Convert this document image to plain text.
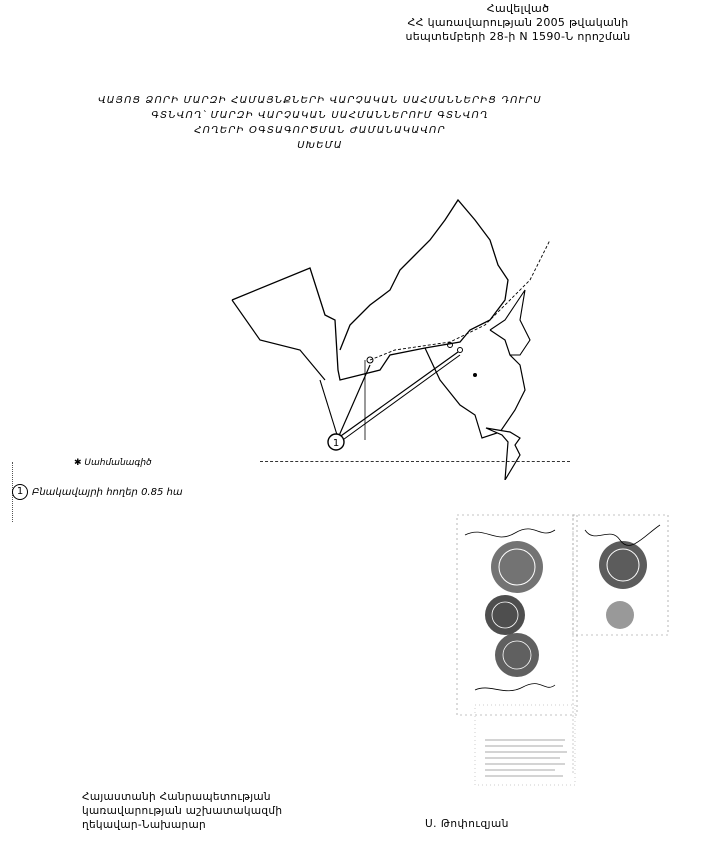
Հավելված
ՀՀ կառավարության 2005 թվականի
սեպտեմբերի 28-ի N 1590-Ն որոշման
ՎԱՅՈՑ ՁՈՐԻ ՄԱՐԶԻ ՀԱՄԱՅՆՔՆԵՐԻ ՎԱՐՉԱԿԱՆ ՍԱՀՄԱՆՆԵՐԻՑ ԴՈՒՐՍ
ԳՏՆՎՈՂ՝ ՄԱՐԶԻ ՎԱՐՉԱԿԱՆ ՍԱՀՄԱՆՆԵՐՈՒՄ ԳՏՆՎՈՂ
ՀՈՂԵՐԻ ՕԳՏԱԳՈՐԾՄԱՆ ԺԱՄԱՆԱԿԱՎՈՐ
ՍԽԵՄԱ
1
✱ Սահմանագիծ
1 Բնակավայրի հողեր 0.85 հա
Հայաստանի Հանրապետության
կառավարության աշխատակազմի
ղեկավար-Նախարար	Ս. Թոփուզյան
